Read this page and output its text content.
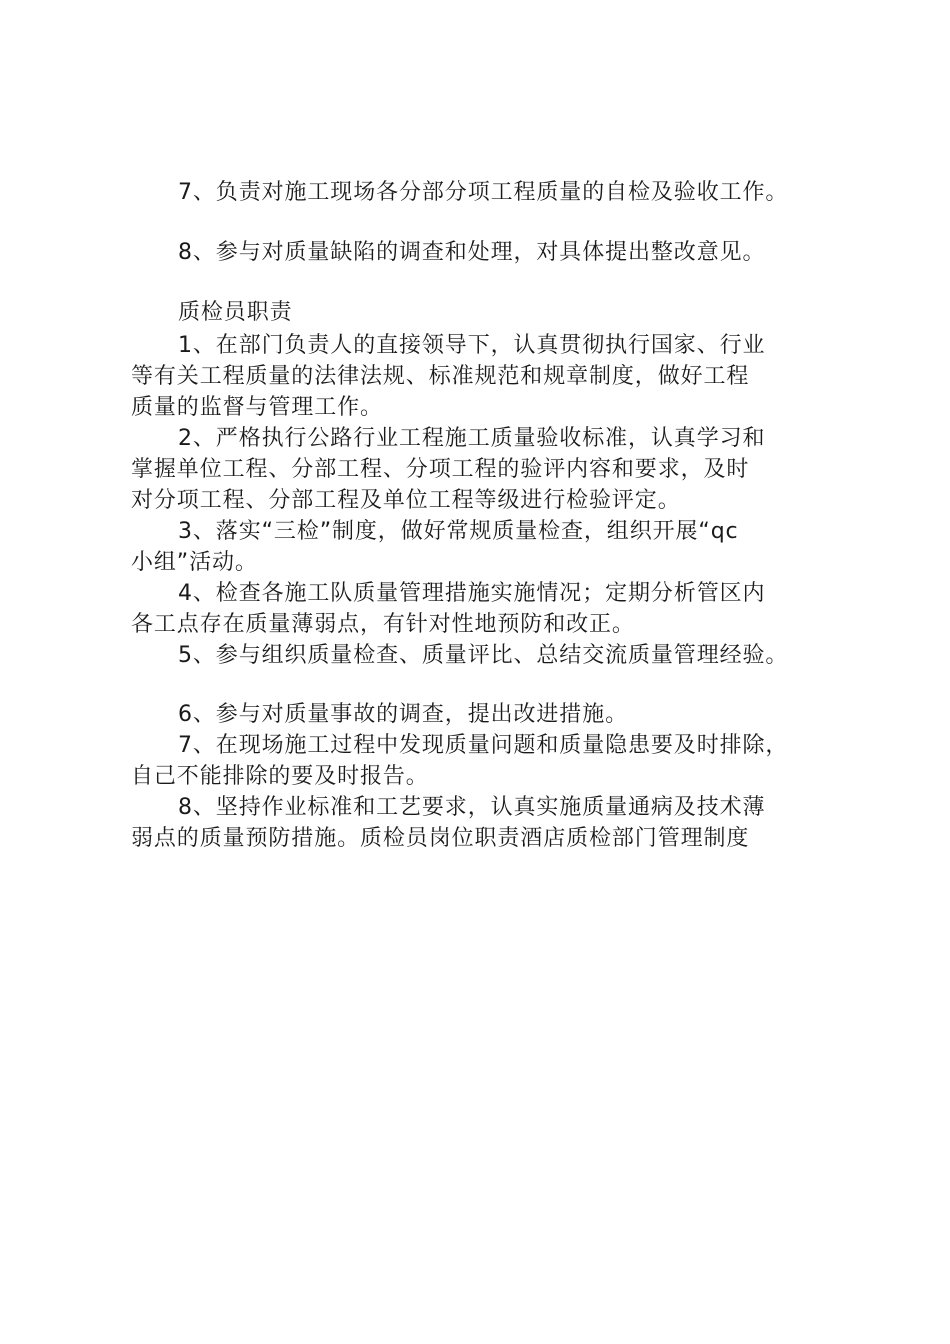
7、负责对施工现场各分部分项工程质量的自检及验收工作。
8、参与对质量缺陷的调查和处理，对具体提出整改意见。
质检员职责
1、在部门负责人的直接领导下，认真贯彻执行国家、行业
等有关工程质量的法律法规、标准规范和规章制度，做好工程
质量的监督与管理工作。
2、严格执行公路行业工程施工质量验收标准，认真学习和
掌握单位工程、分部工程、分项工程的验评内容和要求，及时
对分项工程、分部工程及单位工程等级进行检验评定。
3、落实“三检”制度，做好常规质量检查，组织开展“qc
小组”活动。
4、检查各施工队质量管理措施实施情况；定期分析管区内
各工点存在质量薄弱点，有针对性地预防和改正。
5、参与组织质量检查、质量评比、总结交流质量管理经验。
6、参与对质量事故的调查，提出改进措施。
7、在现场施工过程中发现质量问题和质量隐患要及时排除，
自己不能排除的要及时报告。
8、坚持作业标准和工艺要求，认真实施质量通病及技术薄
弱点的质量预防措施。质检员岗位职责酒店质检部门管理制度
